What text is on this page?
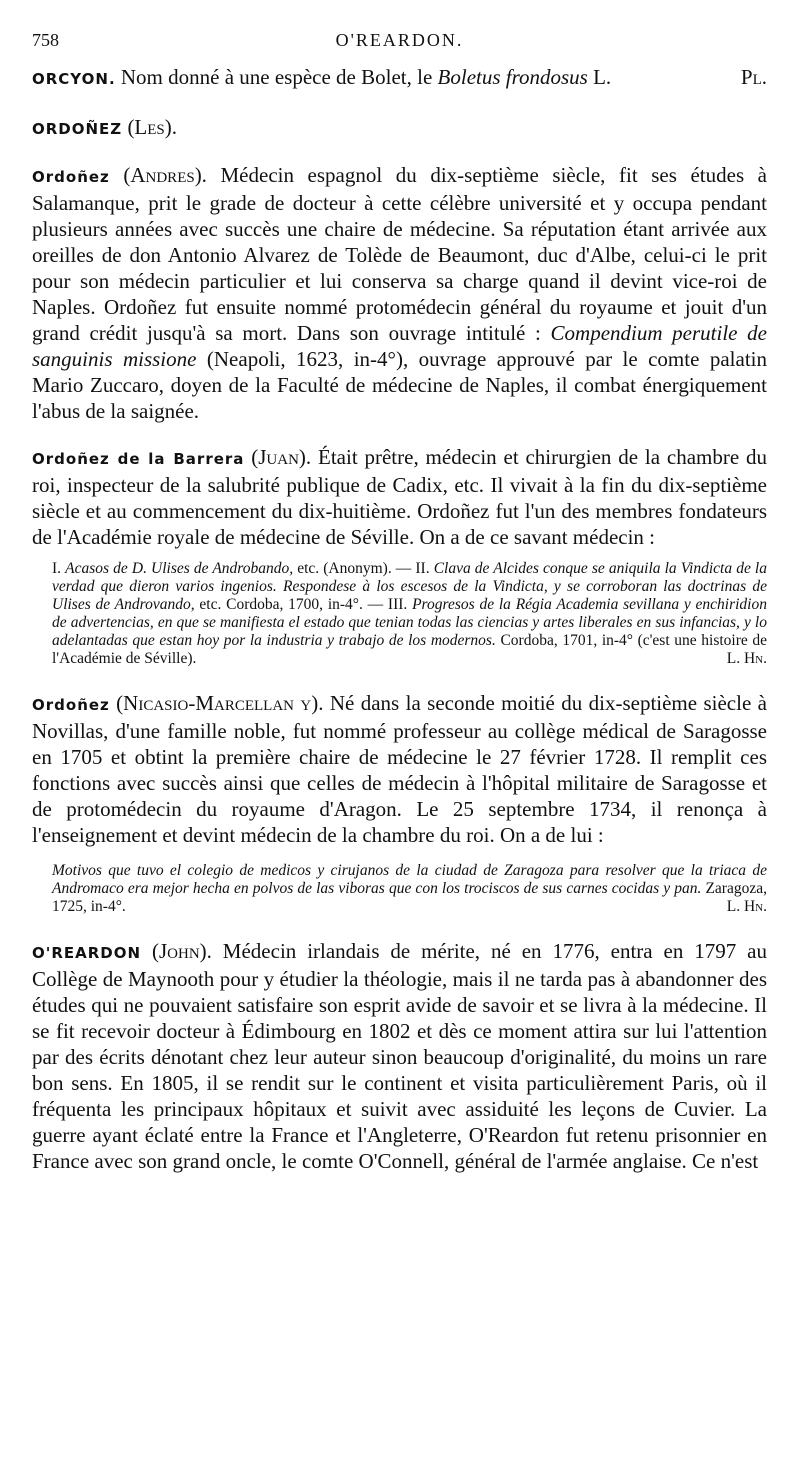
758	O'REARDON.

ORCYON. Nom donné à une espèce de Bolet, le Boletus frondosus L.	Pl.

ORDOÑEZ (Les).

Ordoñez (Andres). Médecin espagnol du dix-septième siècle, fit ses études à Salamanque, prit le grade de docteur à cette célèbre université et y occupa pendant plusieurs années avec succès une chaire de médecine. Sa réputation étant arrivée aux oreilles de don Antonio Alvarez de Tolède de Beaumont, duc d'Albe, celui-ci le prit pour son médecin particulier et lui conserva sa charge quand il devint vice-roi de Naples. Ordoñez fut ensuite nommé protomédecin général du royaume et jouit d'un grand crédit jusqu'à sa mort. Dans son ouvrage intitulé : Compendium perutile de sanguinis missione (Neapoli, 1623, in-4°), ouvrage approuvé par le comte palatin Mario Zuccaro, doyen de la Faculté de médecine de Naples, il combat énergiquement l'abus de la saignée.

Ordoñez de la Barrera (Juan). Était prêtre, médecin et chirurgien de la chambre du roi, inspecteur de la salubrité publique de Cadix, etc. Il vivait à la fin du dix-septième siècle et au commencement du dix-huitième. Ordoñez fut l'un des membres fondateurs de l'Académie royale de médecine de Séville. On a de ce savant médecin :

I. Acasos de D. Ulises de Androbando, etc. (Anonym). — II. Clava de Alcides conque se aniquila la Vindicta de la verdad que dieron varios ingenios. Respondese à los escesos de la Vindicta, y se corroboran las doctrinas de Ulises de Androvando, etc. Cordoba, 1700, in-4°. — III. Progresos de la Régia Academia sevillana y enchiridion de advertencias, en que se manifiesta el estado que tenian todas las ciencias y artes liberales en sus infancias, y lo adelantadas que estan hoy por la industria y trabajo de los modernos. Cordoba, 1701, in-4° (c'est une histoire de l'Académie de Séville).	L. Hn.

Ordoñez (Nicasio-Marcellan y). Né dans la seconde moitié du dix-septième siècle à Novillas, d'une famille noble, fut nommé professeur au collège médical de Saragosse en 1705 et obtint la première chaire de médecine le 27 février 1728. Il remplit ces fonctions avec succès ainsi que celles de médecin à l'hôpital militaire de Saragosse et de protomédecin du royaume d'Aragon. Le 25 septembre 1734, il renonça à l'enseignement et devint médecin de la chambre du roi. On a de lui :

Motivos que tuvo el colegio de medicos y cirujanos de la ciudad de Zaragoza para resolver que la triaca de Andromaco era mejor hecha en polvos de las viboras que con los trociscos de sus carnes cocidas y pan. Zaragoza, 1725, in-4°.	L. Hn.

O'REARDON (John). Médecin irlandais de mérite, né en 1776, entra en 1797 au Collège de Maynooth pour y étudier la théologie, mais il ne tarda pas à abandonner des études qui ne pouvaient satisfaire son esprit avide de savoir et se livra à la médecine. Il se fit recevoir docteur à Édimbourg en 1802 et dès ce moment attira sur lui l'attention par des écrits dénotant chez leur auteur sinon beaucoup d'originalité, du moins un rare bon sens. En 1805, il se rendit sur le continent et visita particulièrement Paris, où il fréquenta les principaux hôpitaux et suivit avec assiduité les leçons de Cuvier. La guerre ayant éclaté entre la France et l'Angleterre, O'Reardon fut retenu prisonnier en France avec son grand oncle, le comte O'Connell, général de l'armée anglaise. Ce n'est
